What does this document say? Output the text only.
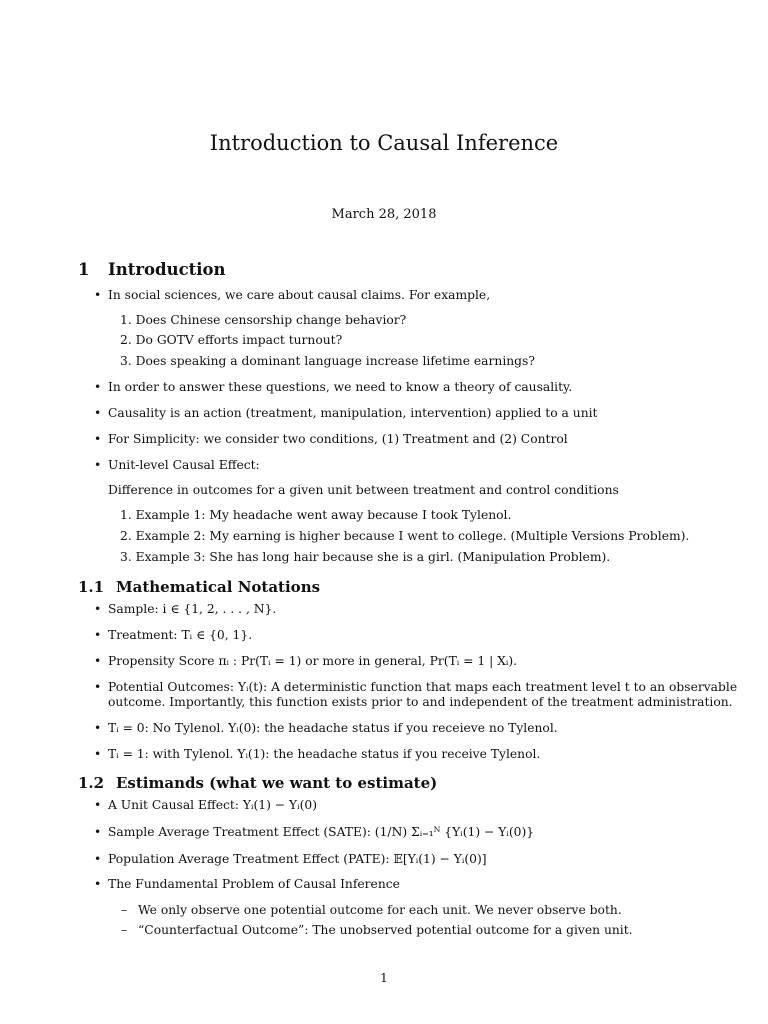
Introduction to Causal Inference
March 28, 2018
1 Introduction
• In social sciences, we care about causal claims. For example,
1. Does Chinese censorship change behavior?
2. Do GOTV efforts impact turnout?
3. Does speaking a dominant language increase lifetime earnings?
• In order to answer these questions, we need to know a theory of causality.
• Causality is an action (treatment, manipulation, intervention) applied to a unit
• For Simplicity: we consider two conditions, (1) Treatment and (2) Control
• Unit-level Causal Effect:
Difference in outcomes for a given unit between treatment and control conditions
1. Example 1: My headache went away because I took Tylenol.
2. Example 2: My earning is higher because I went to college. (Multiple Versions Problem).
3. Example 3: She has long hair because she is a girl. (Manipulation Problem).
1.1 Mathematical Notations
• Sample: i ∈ {1, 2, . . . , N}.
• Treatment: Tᵢ ∈ {0, 1}.
• Propensity Score πᵢ : Pr(Tᵢ = 1) or more in general, Pr(Tᵢ = 1 | Xᵢ).
• Potential Outcomes: Yᵢ(t): A deterministic function that maps each treatment level t to an observable
outcome. Importantly, this function exists prior to and independent of the treatment administration.
• Tᵢ = 0: No Tylenol. Yᵢ(0): the headache status if you receieve no Tylenol.
• Tᵢ = 1: with Tylenol. Yᵢ(1): the headache status if you receive Tylenol.
1.2 Estimands (what we want to estimate)
• A Unit Causal Effect: Yᵢ(1) − Yᵢ(0)
• Sample Average Treatment Effect (SATE): (1/N) Σᵢ₌₁ᴺ {Yᵢ(1) − Yᵢ(0)}
• Population Average Treatment Effect (PATE): 𝔼[Yᵢ(1) − Yᵢ(0)]
• The Fundamental Problem of Causal Inference
– We only observe one potential outcome for each unit. We never observe both.
– “Counterfactual Outcome”: The unobserved potential outcome for a given unit.
1
